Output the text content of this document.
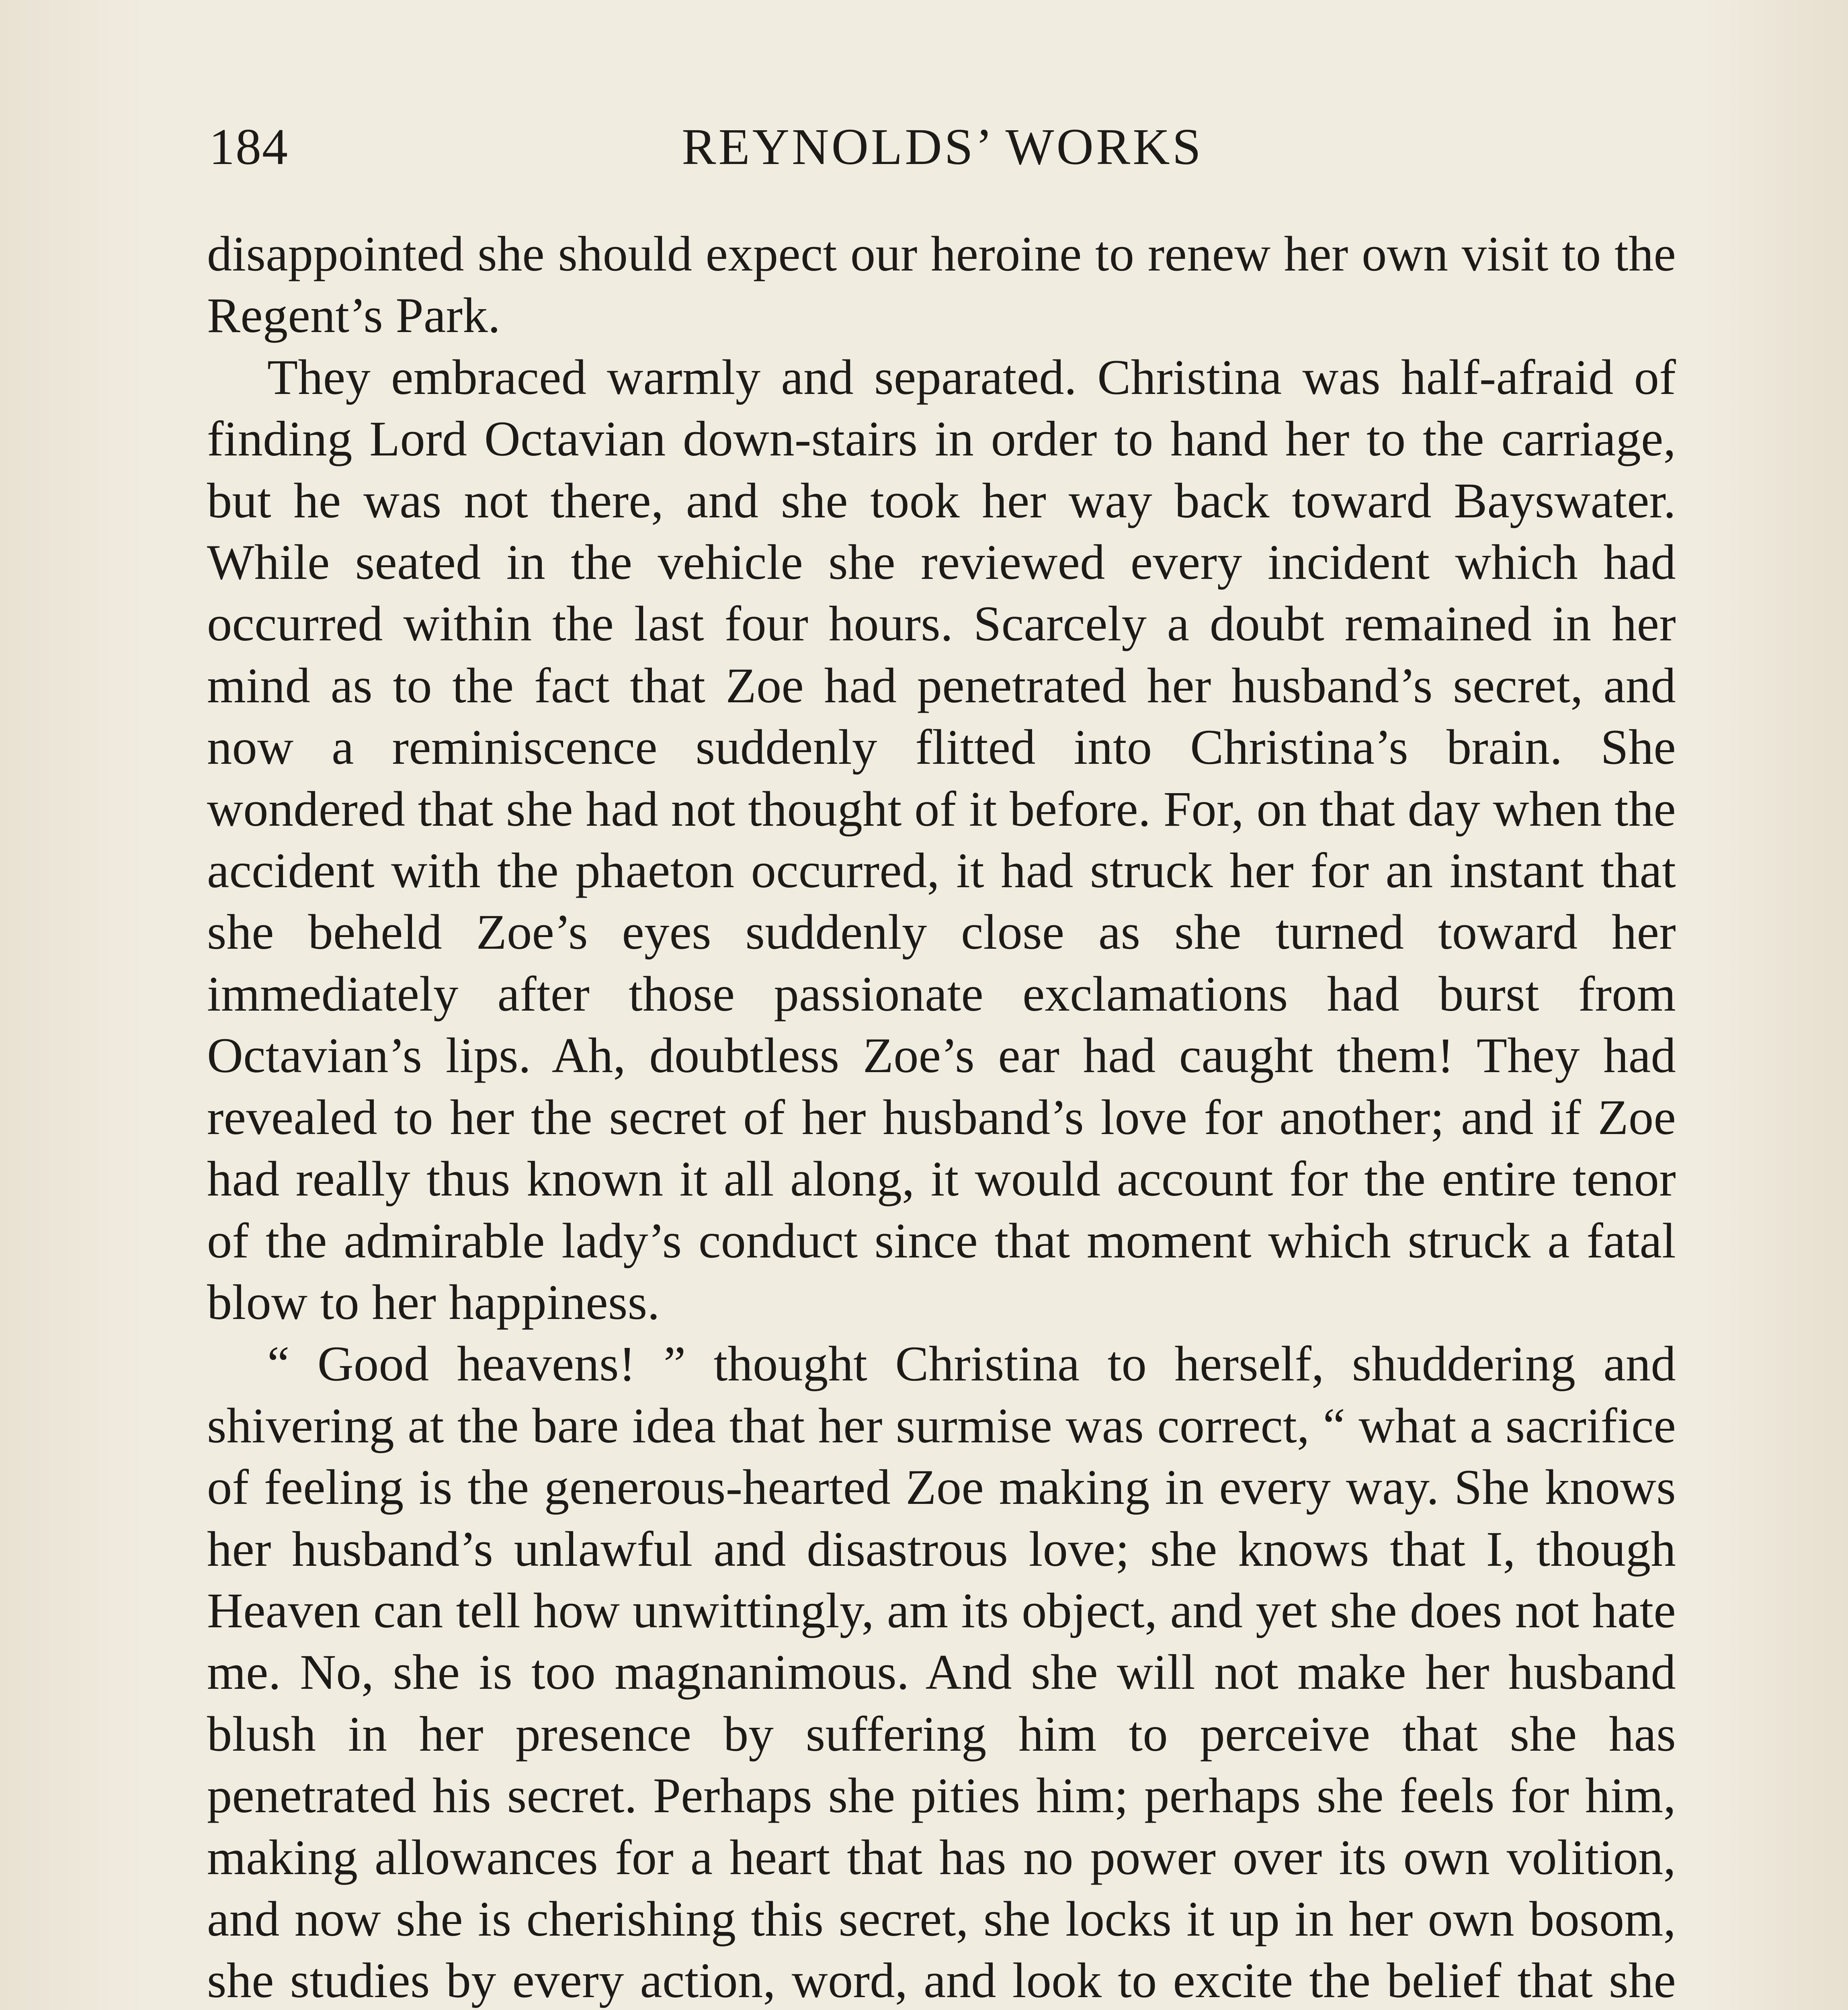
184	REYNOLDS’ WORKS

disappointed she should expect our heroine to renew her own visit to the Regent’s Park.

They embraced warmly and separated. Christina was half-afraid of finding Lord Octavian down-stairs in order to hand her to the carriage, but he was not there, and she took her way back toward Bayswater. While seated in the vehicle she reviewed every incident which had occurred within the last four hours. Scarcely a doubt remained in her mind as to the fact that Zoe had penetrated her husband’s secret, and now a reminiscence suddenly flitted into Christina’s brain. She wondered that she had not thought of it before. For, on that day when the accident with the phaeton occurred, it had struck her for an instant that she beheld Zoe’s eyes suddenly close as she turned toward her immediately after those passionate exclamations had burst from Octavian’s lips. Ah, doubtless Zoe’s ear had caught them! They had revealed to her the secret of her husband’s love for another; and if Zoe had really thus known it all along, it would account for the entire tenor of the admirable lady’s conduct since that moment which struck a fatal blow to her happiness.

“ Good heavens! ” thought Christina to herself, shuddering and shivering at the bare idea that her surmise was correct, “ what a sacrifice of feeling is the generous-hearted Zoe making in every way. She knows her husband’s unlawful and disastrous love; she knows that I, though Heaven can tell how unwittingly, am its object, and yet she does not hate me. No, she is too magnanimous. And she will not make her husband blush in her presence by suffering him to perceive that she has penetrated his secret. Perhaps she pities him; perhaps she feels for him, making allowances for a heart that has no power over its own volition, and now she is cherishing this secret, she locks it up in her own bosom, she studies by every action, word, and look to excite the belief that she
